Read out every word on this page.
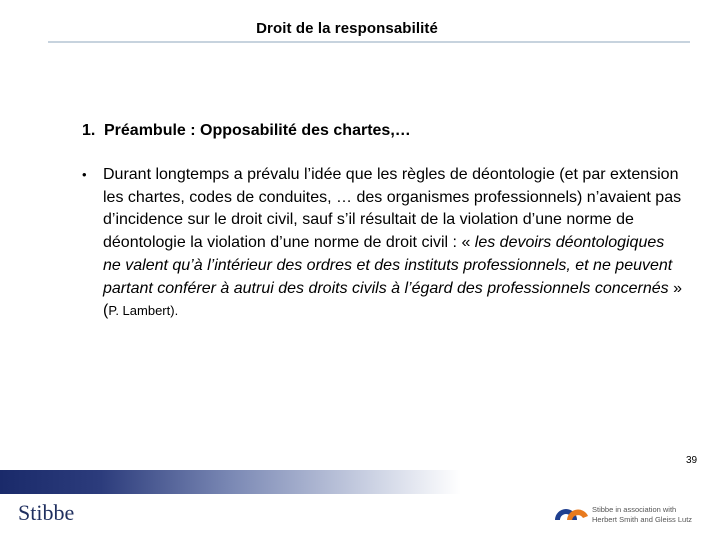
Droit de la responsabilité
1. Préambule : Opposabilité des chartes,…
•	Durant longtemps a prévalu l’idée que les règles de déontologie (et par extension les chartes, codes de conduites, … des organismes professionnels) n’avaient pas d’incidence sur le droit civil, sauf s’il résultait de la violation d’une norme de déontologie la violation d’une norme de droit civil : « les devoirs déontologiques ne valent qu’à l’intérieur des ordres et des instituts professionnels, et ne peuvent partant conférer à autrui des droits civils à l’égard des professionnels concernés » (P. Lambert).
39
Stibbe	Stibbe in association with
Herbert Smith and Gleiss Lutz
